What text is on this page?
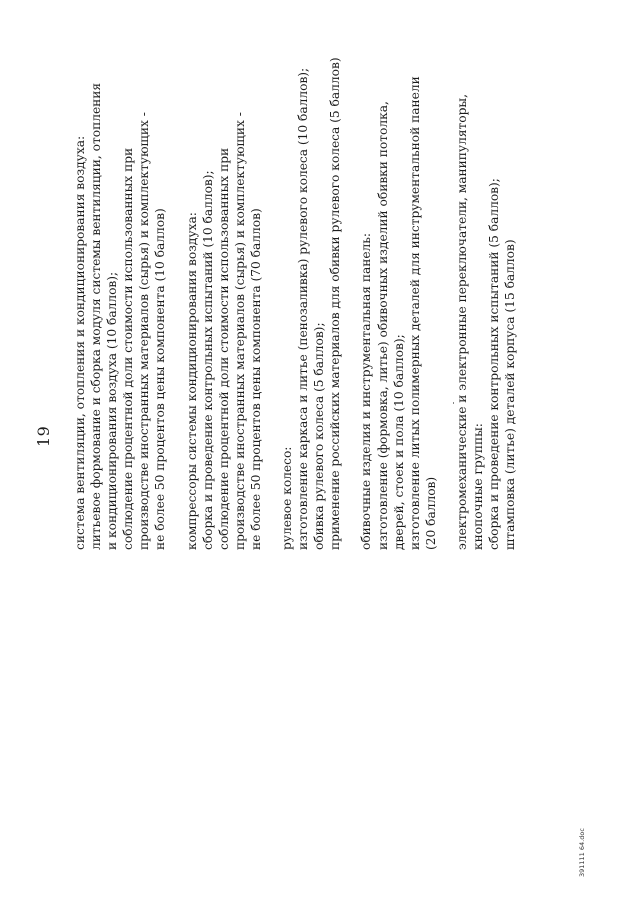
19 система вентиляции, отопления и кондиционирования воздуха: литьевое формование и сборка модуля системы вентиляции, отопления и кондиционирования воздуха (10 баллов); соблюдение процентной доли стоимости использованных при производстве иностранных материалов (сырья) и комплектующих - не более 50 процентов цены компонента (10 баллов) компрессоры системы кондиционирования воздуха: сборка и проведение контрольных испытаний (10 баллов); соблюдение процентной доли стоимости использованных при производстве иностранных материалов (сырья) и комплектующих - не более 50 процентов цены компонента (70 баллов) рулевое колесо: изготовление каркаса и литье (пенозаливка) рулевого колеса (10 баллов); обивка рулевого колеса (5 баллов); применение российских материалов для обивки рулевого колеса (5 баллов) обивочные изделия и инструментальная панель: изготовление (формовка, литье) обивочных изделий обивки потолка, дверей, стоек и пола (10 баллов); изготовление литых полимерных деталей для инструментальной панели (20 баллов) электромеханические и электронные переключатели, манипуляторы, кнопочные группы: сборка и проведение контрольных испытаний (5 баллов); штамповка (литье) деталей корпуса (15 баллов)
391111 64.doc
